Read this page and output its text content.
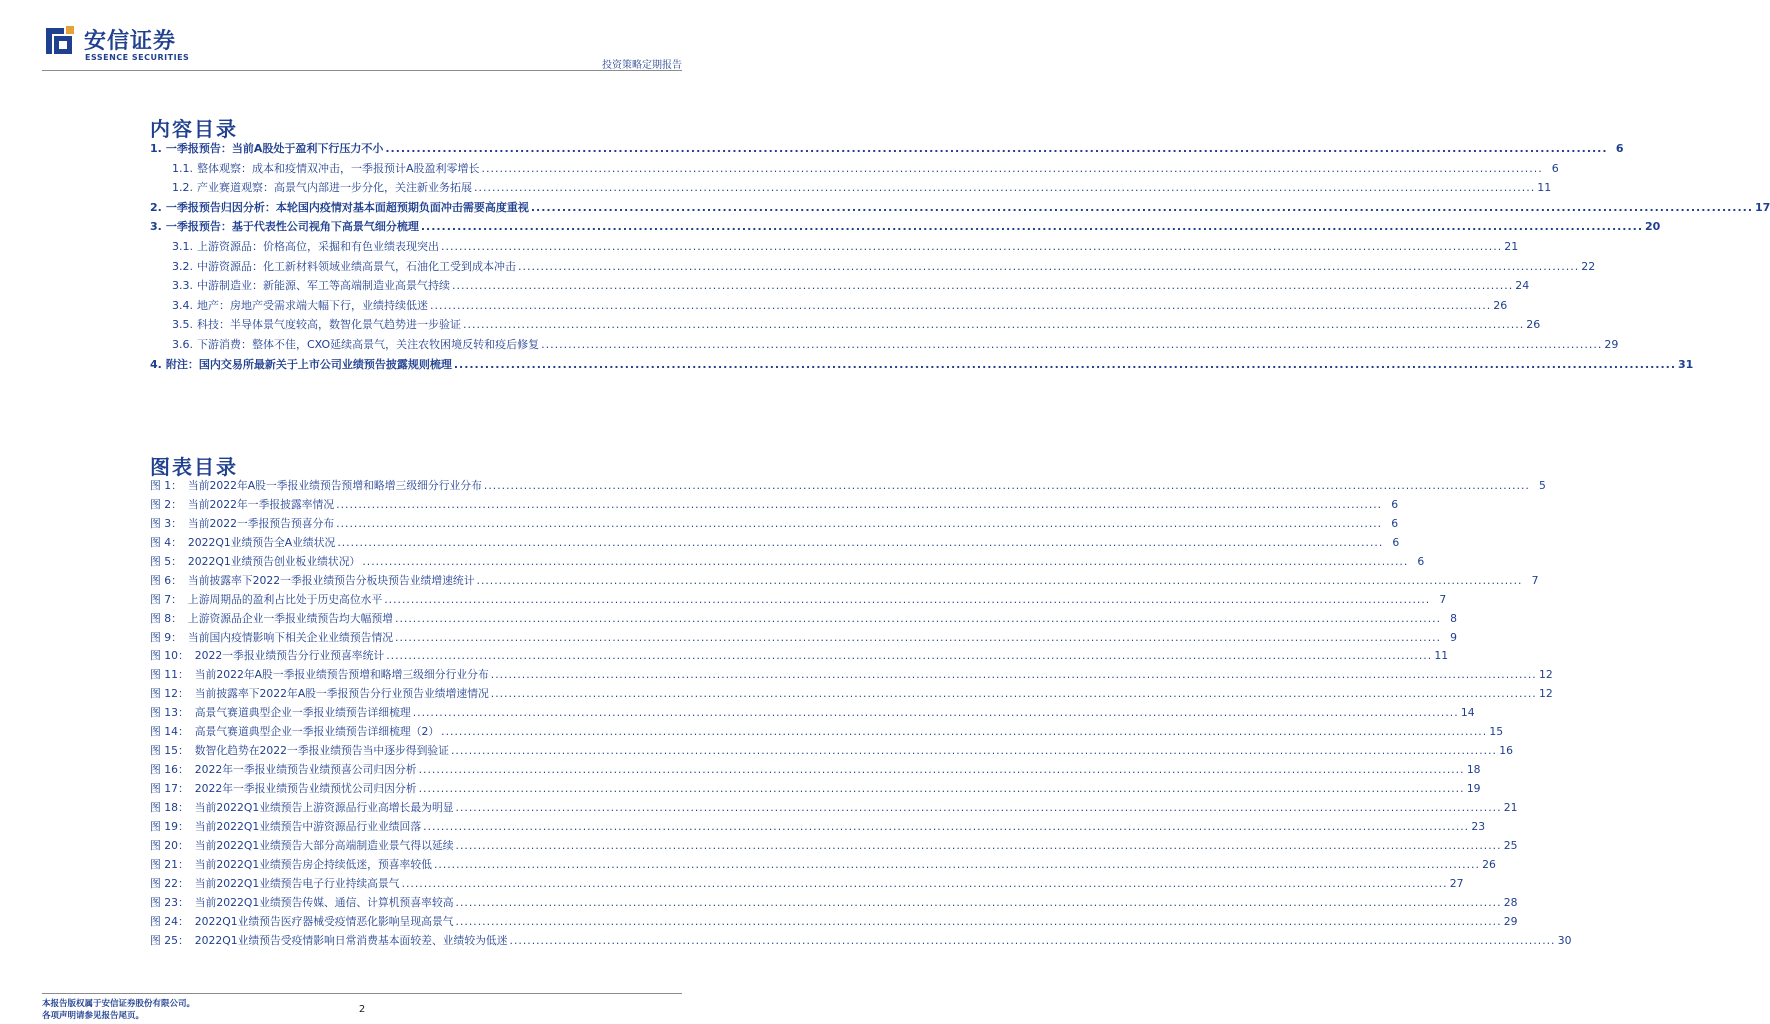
安信证券
ESSENCE SECURITIES
投资策略定期报告
内容目录
1. 一季报预告：当前A股处于盈利下行压力不小 .....	6
1.1. 整体观察：成本和疫情双冲击，一季报预计A股盈利零增长 .....	6
1.2. 产业赛道观察：高景气内部进一步分化，关注新业务拓展 .....	11
2. 一季报预告归因分析：本轮国内疫情对基本面超预期负面冲击需要高度重视 .....	17
3. 一季报预告：基于代表性公司视角下高景气细分梳理 .....	20
3.1. 上游资源品：价格高位，采掘和有色业绩表现突出 .....	21
3.2. 中游资源品：化工新材料领域业绩高景气，石油化工受到成本冲击 .....	22
3.3. 中游制造业：新能源、军工等高端制造业高景气持续 .....	24
3.4. 地产：房地产受需求端大幅下行，业绩持续低迷 .....	26
3.5. 科技：半导体景气度较高，数智化景气趋势进一步验证 .....	26
3.6. 下游消费：整体不佳，CXO延续高景气，关注农牧困境反转和疫后修复 .....	29
4. 附注：国内交易所最新关于上市公司业绩预告披露规则梳理 .....	31
图表目录
图 1： 当前2022年A股一季报业绩预告预增和略增三级细分行业分布 .....	5
图 2： 当前2022年一季报披露率情况 .....	6
图 3： 当前2022一季报预告预喜分布 .....	6
图 4： 2022Q1业绩预告全A业绩状况 .....	6
图 5： 2022Q1业绩预告创业板业绩状况） .....	6
图 6： 当前披露率下2022一季报业绩预告分板块预告业绩增速统计 .....	7
图 7： 上游周期品的盈利占比处于历史高位水平 .....	7
图 8： 上游资源品企业一季报业绩预告均大幅预增 .....	8
图 9： 当前国内疫情影响下相关企业业绩预告情况 .....	9
图 10： 2022一季报业绩预告分行业预喜率统计 .....	11
图 11： 当前2022年A股一季报业绩预告预增和略增三级细分行业分布 .....	12
图 12： 当前披露率下2022年A股一季报预告分行业预告业绩增速情况 .....	12
图 13： 高景气赛道典型企业一季报业绩预告详细梳理 .....	14
图 14： 高景气赛道典型企业一季报业绩预告详细梳理（2） .....	15
图 15： 数智化趋势在2022一季报业绩预告当中逐步得到验证 .....	16
图 16： 2022年一季报业绩预告业绩预喜公司归因分析 .....	18
图 17： 2022年一季报业绩预告业绩预忧公司归因分析 .....	19
图 18： 当前2022Q1业绩预告上游资源品行业高增长最为明显 .....	21
图 19： 当前2022Q1业绩预告中游资源品行业业绩回落 .....	23
图 20： 当前2022Q1业绩预告大部分高端制造业景气得以延续 .....	25
图 21： 当前2022Q1业绩预告房企持续低迷，预喜率较低 .....	26
图 22： 当前2022Q1业绩预告电子行业持续高景气 .....	27
图 23： 当前2022Q1业绩预告传媒、通信、计算机预喜率较高 .....	28
图 24： 2022Q1业绩预告医疗器械受疫情恶化影响呈现高景气 .....	29
图 25： 2022Q1业绩预告受疫情影响日常消费基本面较差、业绩较为低迷 .....	30
本报告版权属于安信证券股份有限公司。
各项声明请参见报告尾页。
2
